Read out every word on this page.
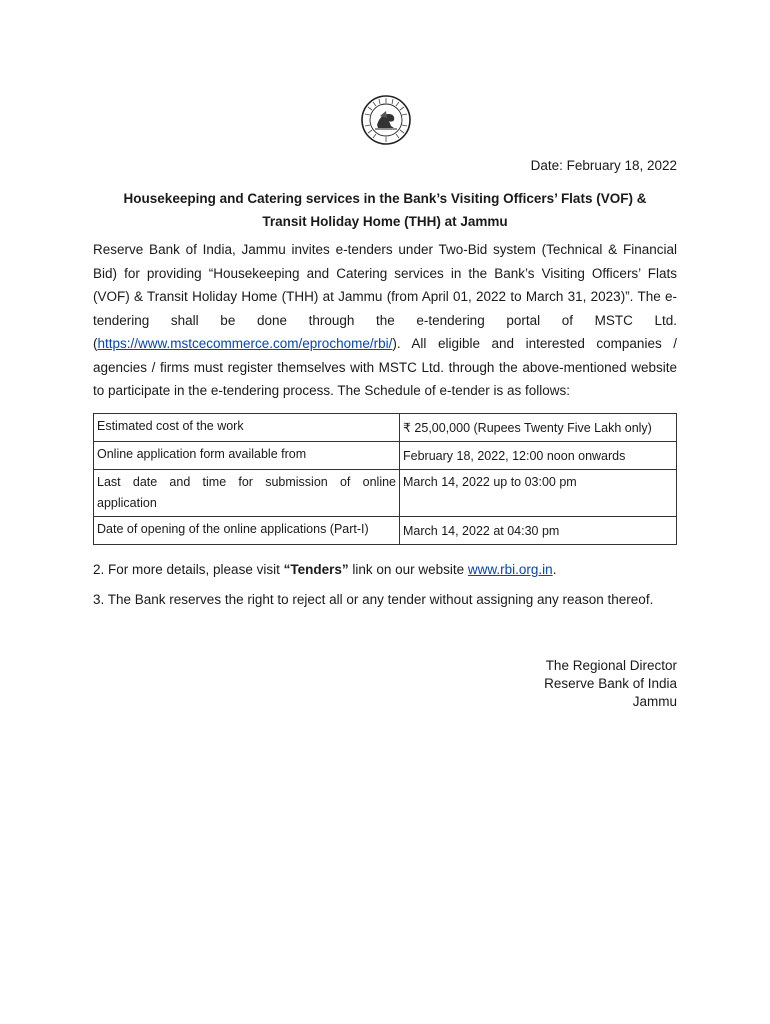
Date: February 18, 2022
Housekeeping and Catering services in the Bank’s Visiting Officers’ Flats (VOF) &
Transit Holiday Home (THH) at Jammu

Reserve Bank of India, Jammu invites e-tenders under Two-Bid system (Technical & Financial Bid) for providing “Housekeeping and Catering services in the Bank’s Visiting Officers’ Flats (VOF) & Transit Holiday Home (THH) at Jammu (from April 01, 2022 to March 31, 2023)”. The e-tendering shall be done through the e-tendering portal of MSTC Ltd. (https://www.mstcecommerce.com/eprochome/rbi/). All eligible and interested companies / agencies / firms must register themselves with MSTC Ltd. through the above-mentioned website to participate in the e-tendering process. The Schedule of e-tender is as follows:

Estimated cost of the work	₹ 25,00,000 (Rupees Twenty Five Lakh only)
Online application form available from	February 18, 2022, 12:00 noon onwards
Last date and time for submission of online application	March 14, 2022 up to 03:00 pm
Date of opening of the online applications (Part-I)	March 14, 2022 at 04:30 pm

2. For more details, please visit “Tenders” link on our website www.rbi.org.in.

3. The Bank reserves the right to reject all or any tender without assigning any reason thereof.

The Regional Director
Reserve Bank of India
Jammu
